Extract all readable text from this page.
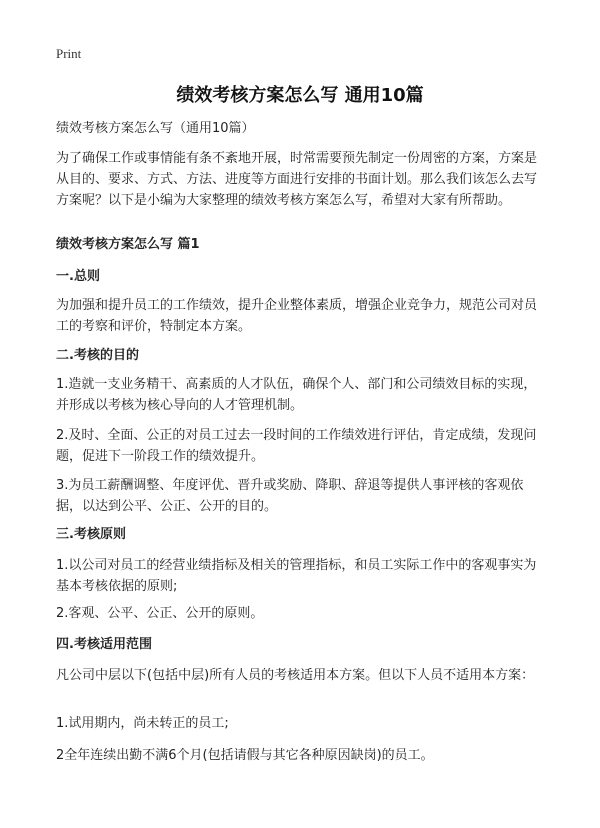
Print
绩效考核方案怎么写 通用10篇

绩效考核方案怎么写（通用10篇）

为了确保工作或事情能有条不紊地开展，时常需要预先制定一份周密的方案，方案是从目的、要求、方式、方法、进度等方面进行安排的书面计划。那么我们该怎么去写方案呢？以下是小编为大家整理的绩效考核方案怎么写，希望对大家有所帮助。

绩效考核方案怎么写 篇1

一.总则

为加强和提升员工的工作绩效，提升企业整体素质，增强企业竞争力，规范公司对员工的考察和评价，特制定本方案。

二.考核的目的

1.造就一支业务精干、高素质的人才队伍，确保个人、部门和公司绩效目标的实现，并形成以考核为核心导向的人才管理机制。

2.及时、全面、公正的对员工过去一段时间的工作绩效进行评估，肯定成绩，发现问题，促进下一阶段工作的绩效提升。

3.为员工薪酬调整、年度评优、晋升或奖励、降职、辞退等提供人事评核的客观依据，以达到公平、公正、公开的目的。

三.考核原则

1.以公司对员工的经营业绩指标及相关的管理指标，和员工实际工作中的客观事实为基本考核依据的原则;

2.客观、公平、公正、公开的原则。

四.考核适用范围

凡公司中层以下(包括中层)所有人员的考核适用本方案。但以下人员不适用本方案：

1.试用期内，尚未转正的员工;

2全年连续出勤不满6个月(包括请假与其它各种原因缺岗)的员工。
